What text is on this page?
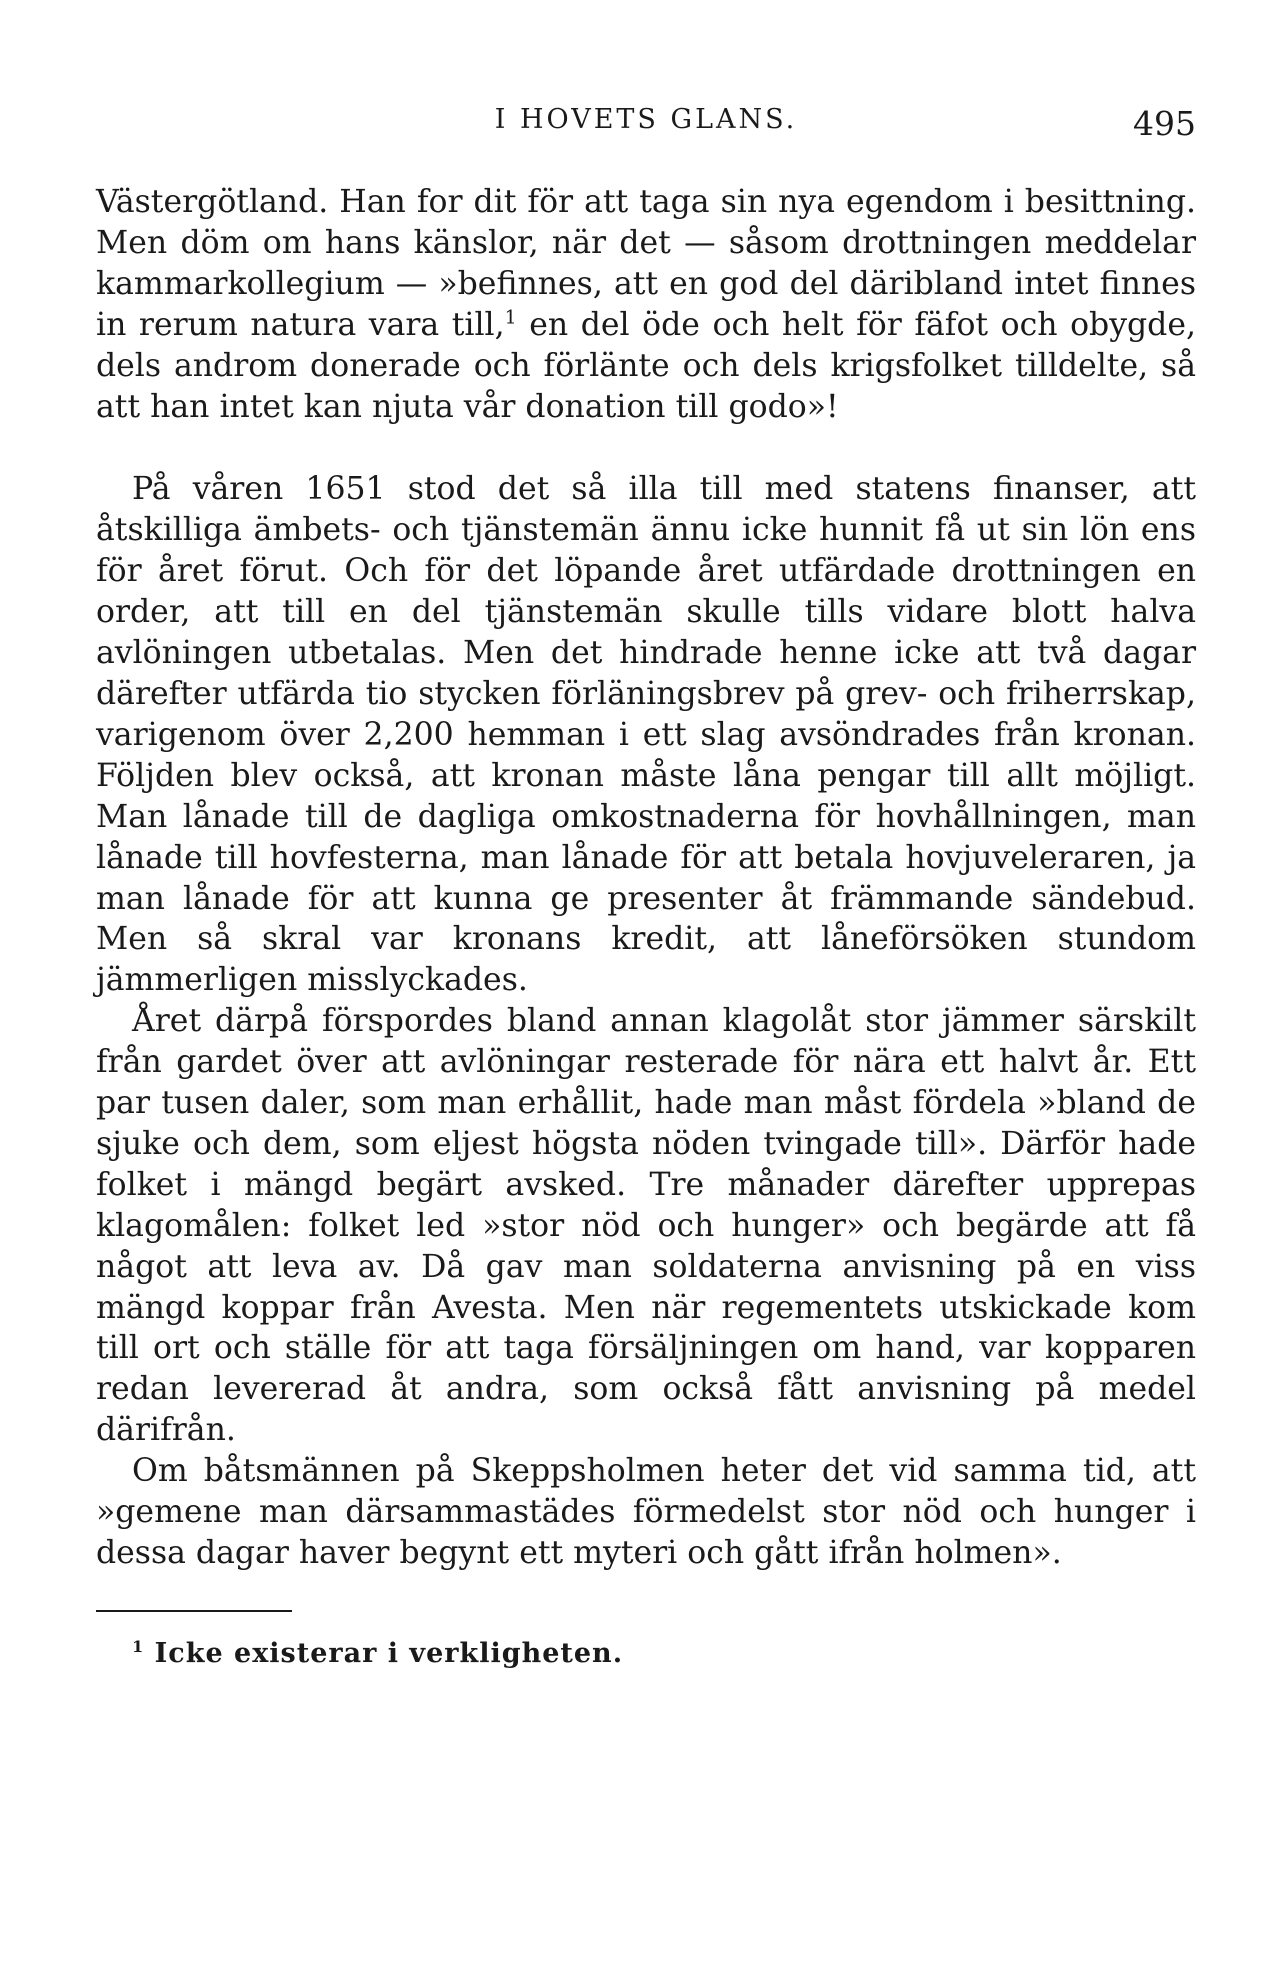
I HOVETS GLANS.	495

Västergötland. Han for dit för att taga sin nya egendom i besittning. Men döm om hans känslor, när det — såsom drottningen meddelar kammarkollegium — »befinnes, att en god del däribland intet finnes in rerum natura vara till,$^1$ en del öde och helt för fäfot och obygde, dels androm donerade och förlänte och dels krigsfolket tilldelte, så att han intet kan njuta vår donation till godo»!

På våren 1651 stod det så illa till med statens finanser, att åtskilliga ämbets- och tjänstemän ännu icke hunnit få ut sin lön ens för året förut. Och för det löpande året utfärdade drottningen en order, att till en del tjänstemän skulle tills vidare blott halva avlöningen utbetalas. Men det hindrade henne icke att två dagar därefter utfärda tio stycken förläningsbrev på grev- och friherrskap, varigenom över 2,200 hemman i ett slag avsöndrades från kronan. Följden blev också, att kronan måste låna pengar till allt möjligt. Man lånade till de dagliga omkostnaderna för hovhållningen, man lånade till hovfesterna, man lånade för att betala hovjuveleraren, ja man lånade för att kunna ge presenter åt främmande sändebud. Men så skral var kronans kredit, att låneförsöken stundom jämmerligen misslyckades.

Året därpå förspordes bland annan klagolåt stor jämmer särskilt från gardet över att avlöningar resterade för nära ett halvt år. Ett par tusen daler, som man erhållit, hade man måst fördela »bland de sjuke och dem, som eljest högsta nöden tvingade till». Därför hade folket i mängd begärt avsked. Tre månader därefter upprepas klagomålen: folket led »stor nöd och hunger» och begärde att få något att leva av. Då gav man soldaterna anvisning på en viss mängd koppar från Avesta. Men när regementets utskickade kom till ort och ställe för att taga försäljningen om hand, var kopparen redan levererad åt andra, som också fått anvisning på medel därifrån.

Om båtsmännen på Skeppsholmen heter det vid samma tid, att »gemene man därsammastädes förmedelst stor nöd och hunger i dessa dagar haver begynt ett myteri och gått ifrån holmen».

$^1$ Icke existerar i verkligheten.
